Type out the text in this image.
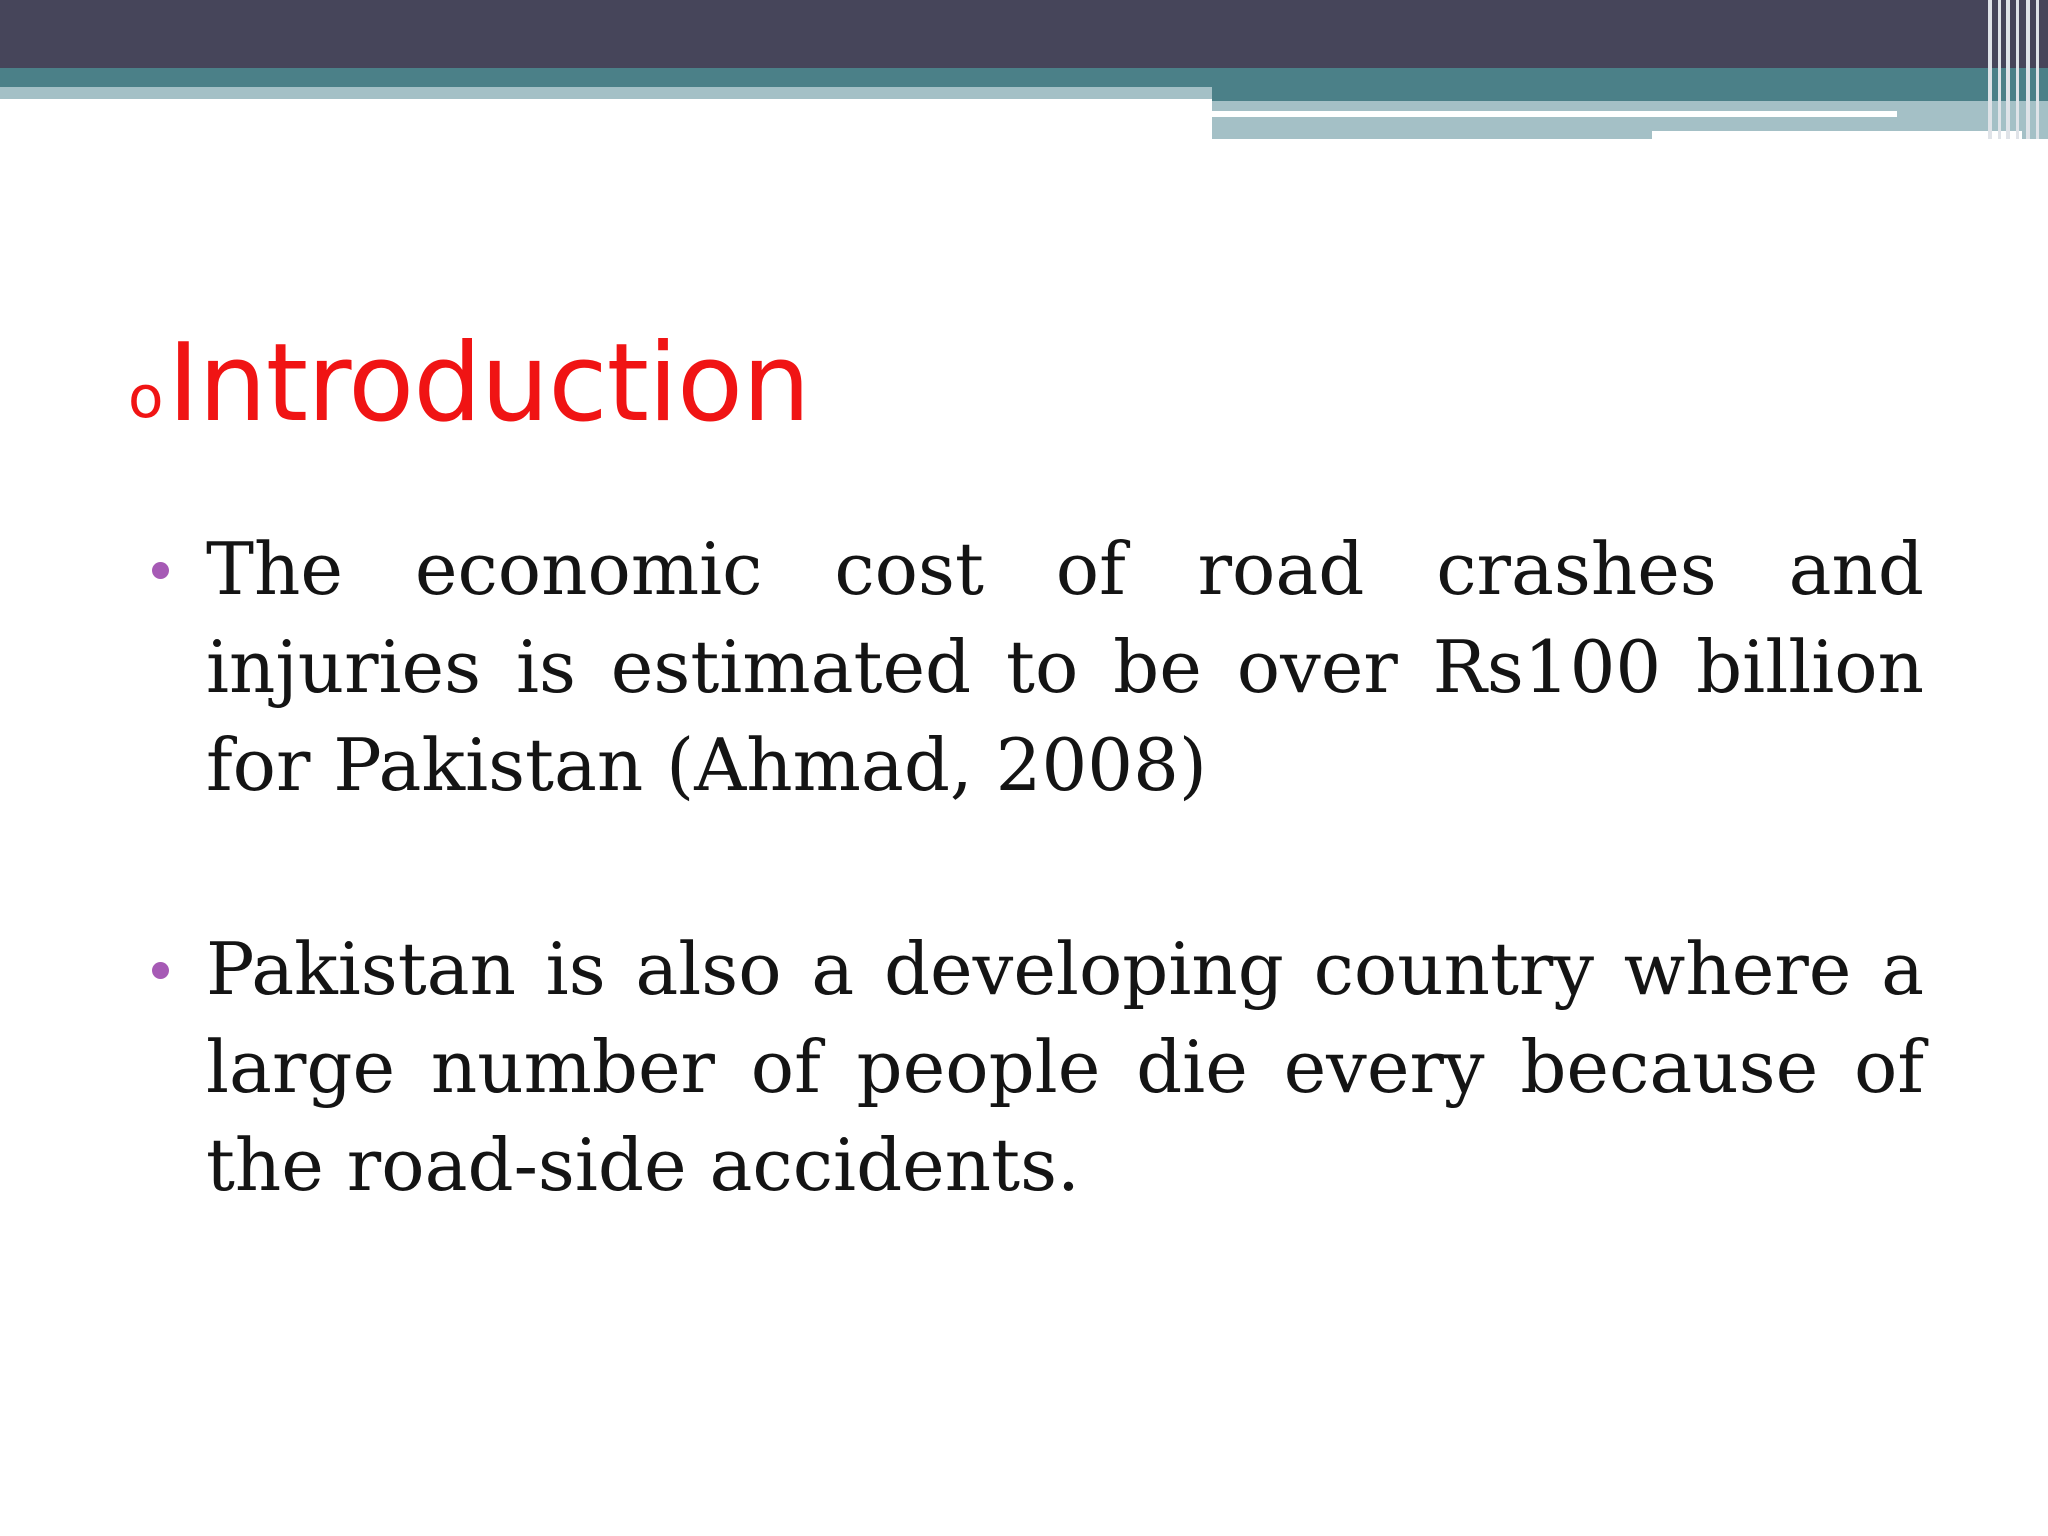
o Introduction
The economic cost of road crashes and injuries is estimated to be over Rs100 billion for Pakistan (Ahmad, 2008)
Pakistan is also a developing country where a large number of people die every because of the road-side accidents.
